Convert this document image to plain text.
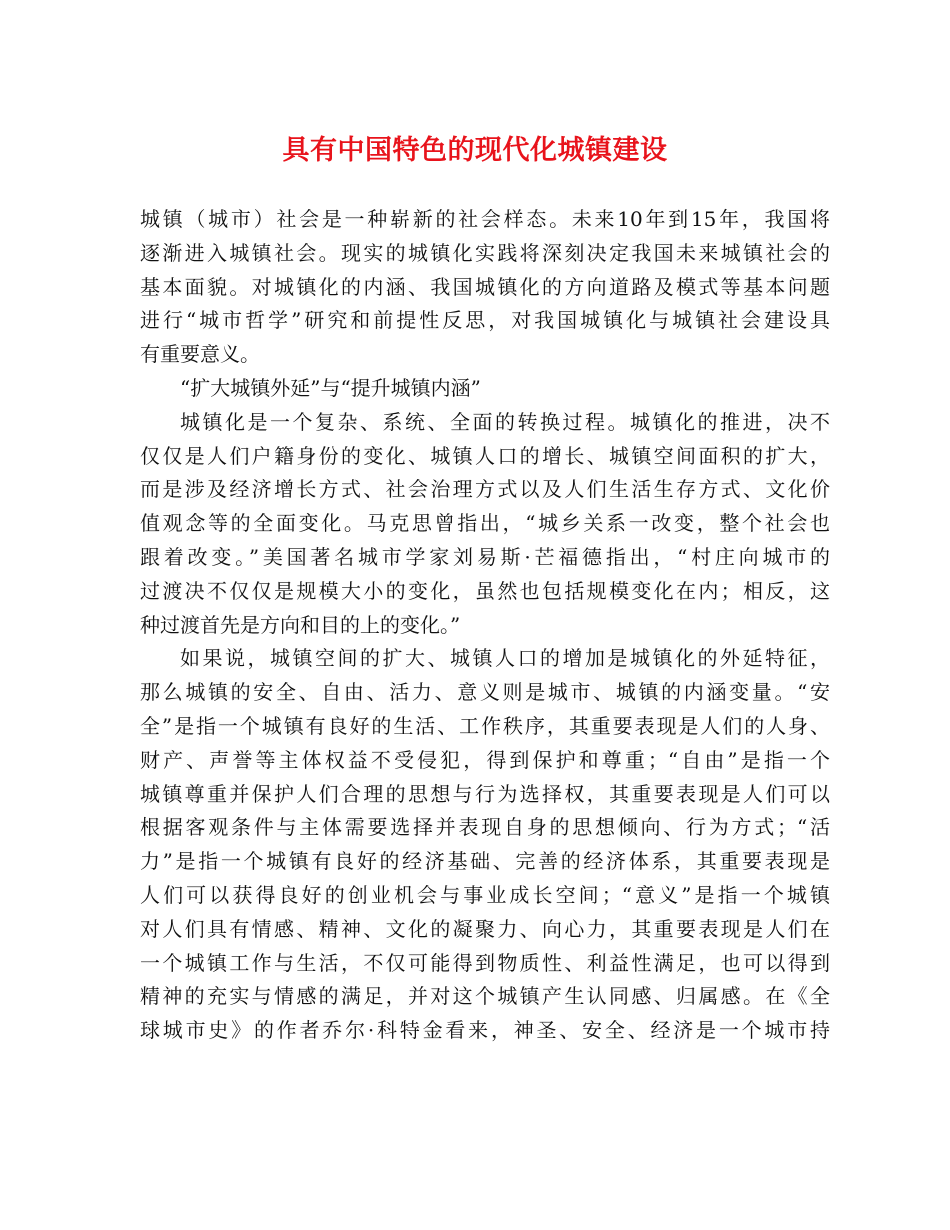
具有中国特色的现代化城镇建设
城镇（城市）社会是一种崭新的社会样态。未来10年到15年，我国将
逐渐进入城镇社会。现实的城镇化实践将深刻决定我国未来城镇社会的
基本面貌。对城镇化的内涵、我国城镇化的方向道路及模式等基本问题
进行“城市哲学”研究和前提性反思，对我国城镇化与城镇社会建设具
有重要意义。
“扩大城镇外延”与“提升城镇内涵”
城镇化是一个复杂、系统、全面的转换过程。城镇化的推进，决不
仅仅是人们户籍身份的变化、城镇人口的增长、城镇空间面积的扩大，
而是涉及经济增长方式、社会治理方式以及人们生活生存方式、文化价
值观念等的全面变化。马克思曾指出，“城乡关系一改变，整个社会也
跟着改变。”美国著名城市学家刘易斯·芒福德指出，“村庄向城市的
过渡决不仅仅是规模大小的变化，虽然也包括规模变化在内；相反，这
种过渡首先是方向和目的上的变化。”
如果说，城镇空间的扩大、城镇人口的增加是城镇化的外延特征，
那么城镇的安全、自由、活力、意义则是城市、城镇的内涵变量。“安
全”是指一个城镇有良好的生活、工作秩序，其重要表现是人们的人身、
财产、声誉等主体权益不受侵犯，得到保护和尊重；“自由”是指一个
城镇尊重并保护人们合理的思想与行为选择权，其重要表现是人们可以
根据客观条件与主体需要选择并表现自身的思想倾向、行为方式；“活
力”是指一个城镇有良好的经济基础、完善的经济体系，其重要表现是
人们可以获得良好的创业机会与事业成长空间；“意义”是指一个城镇
对人们具有情感、精神、文化的凝聚力、向心力，其重要表现是人们在
一个城镇工作与生活，不仅可能得到物质性、利益性满足，也可以得到
精神的充实与情感的满足，并对这个城镇产生认同感、归属感。在《全
球城市史》的作者乔尔·科特金看来，神圣、安全、经济是一个城市持
